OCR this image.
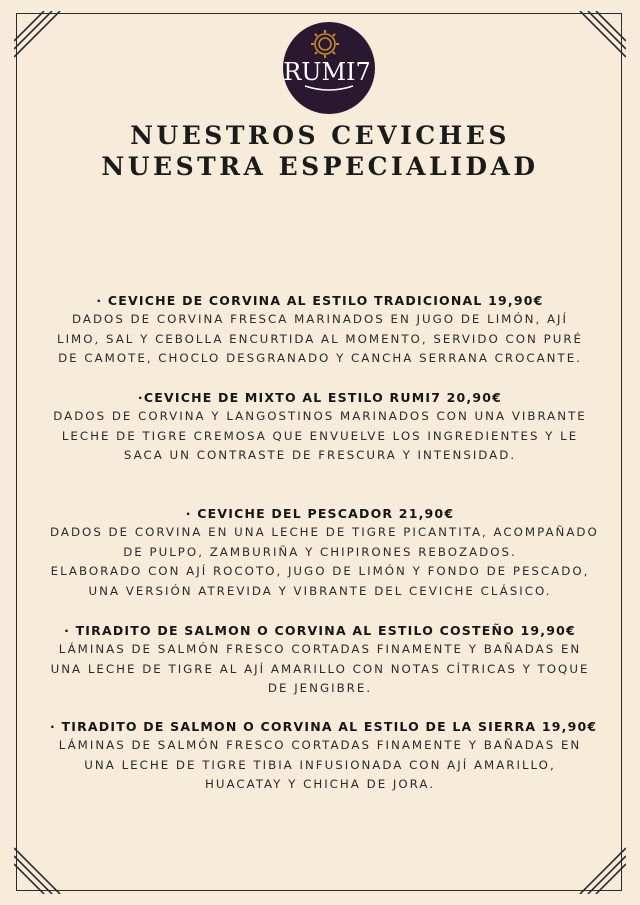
RUMI7
NUESTROS CEVICHES
NUESTRA ESPECIALIDAD
· CEVICHE DE CORVINA AL ESTILO TRADICIONAL 19,90€
DADOS DE CORVINA FRESCA MARINADOS EN JUGO DE LIMÓN, AJÍ
LIMO, SAL Y CEBOLLA ENCURTIDA AL MOMENTO, SERVIDO CON PURÉ
DE CAMOTE, CHOCLO DESGRANADO Y CANCHA SERRANA CROCANTE.
·CEVICHE DE MIXTO AL ESTILO RUMI7 20,90€
DADOS DE CORVINA Y LANGOSTINOS MARINADOS CON UNA VIBRANTE
LECHE DE TIGRE CREMOSA QUE ENVUELVE LOS INGREDIENTES Y LE
SACA UN CONTRASTE DE FRESCURA Y INTENSIDAD.
· CEVICHE DEL PESCADOR 21,90€
DADOS DE CORVINA EN UNA LECHE DE TIGRE PICANTITA, ACOMPAÑADO
DE PULPO, ZAMBURIÑA Y CHIPIRONES REBOZADOS.
ELABORADO CON AJÍ ROCOTO, JUGO DE LIMÓN Y FONDO DE PESCADO,
UNA VERSIÓN ATREVIDA Y VIBRANTE DEL CEVICHE CLÁSICO.
· TIRADITO DE SALMON O CORVINA AL ESTILO COSTEÑO 19,90€
LÁMINAS DE SALMÓN FRESCO CORTADAS FINAMENTE Y BAÑADAS EN
UNA LECHE DE TIGRE AL AJÍ AMARILLO CON NOTAS CÍTRICAS Y TOQUE
DE JENGIBRE.
· TIRADITO DE SALMON O CORVINA AL ESTILO DE LA SIERRA 19,90€
LÁMINAS DE SALMÓN FRESCO CORTADAS FINAMENTE Y BAÑADAS EN
UNA LECHE DE TIGRE TIBIA INFUSIONADA CON AJÍ AMARILLO,
HUACATAY Y CHICHA DE JORA.
